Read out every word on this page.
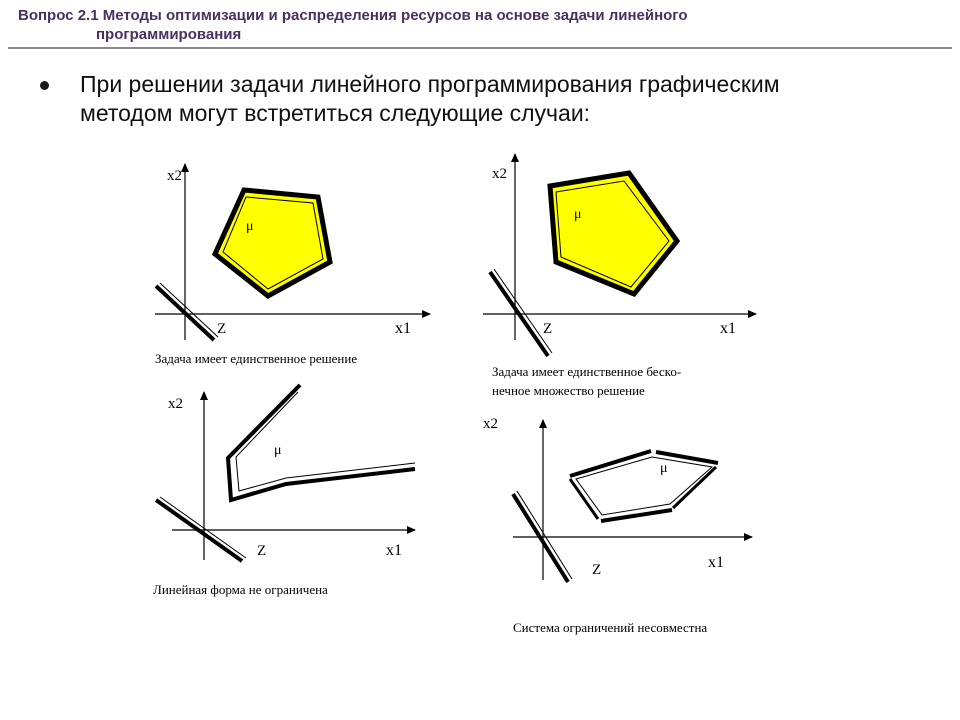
Вопрос 2.1 Методы оптимизации и распределения ресурсов на основе задачи линейного
программирования
При решении задачи линейного программирования графическим
методом могут встретиться следующие случаи:
x2
x1
μ
Z
Задача имеет единственное решение
x2
x1
μ
Z
Задача имеет единственное беско-
нечное множество решение
x2
x1
μ
Z
Линейная форма не ограничена
x2
x1
μ
Z
Система ограничений несовместна
